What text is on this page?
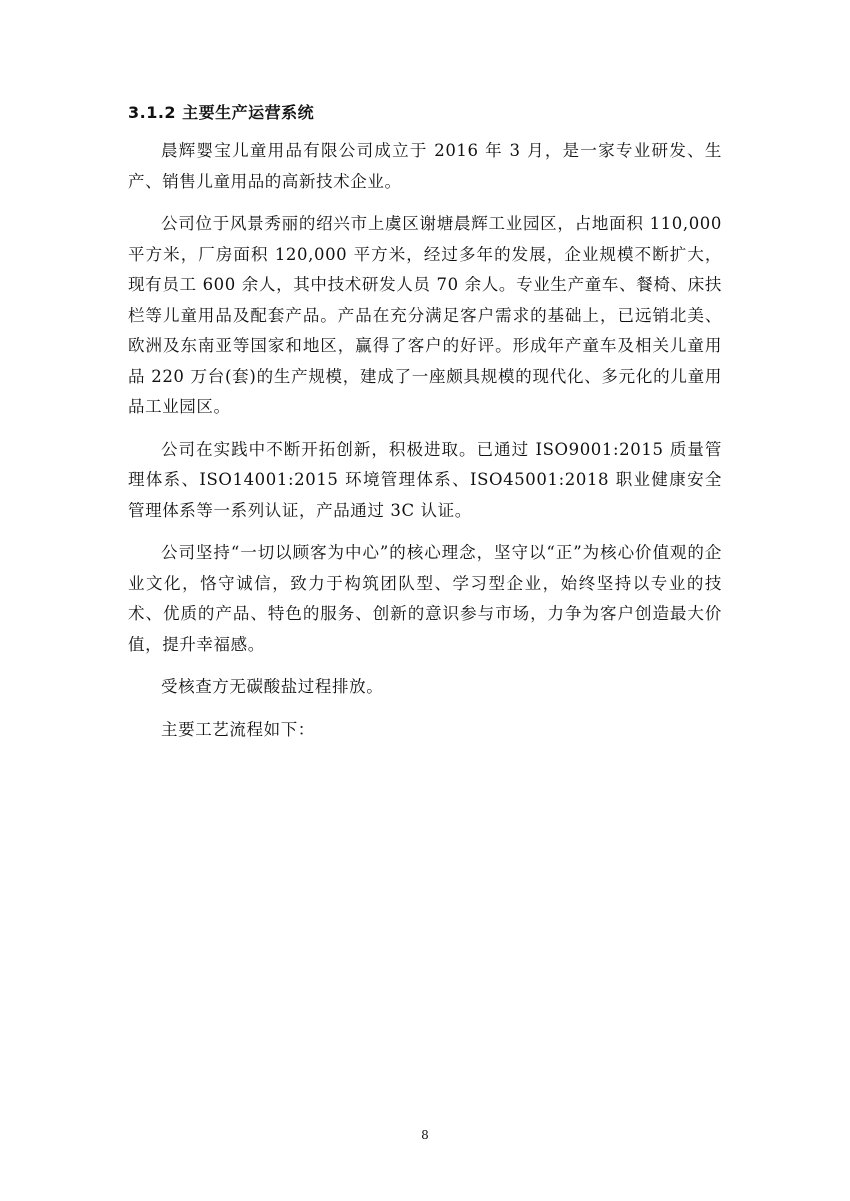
3.1.2 主要生产运营系统

晨辉婴宝儿童用品有限公司成立于 2016 年 3 月，是一家专业研发、生产、销售儿童用品的高新技术企业。

公司位于风景秀丽的绍兴市上虞区谢塘晨辉工业园区，占地面积 110,000 平方米，厂房面积 120,000 平方米，经过多年的发展，企业规模不断扩大，现有员工 600 余人，其中技术研发人员 70 余人。专业生产童车、餐椅、床扶栏等儿童用品及配套产品。产品在充分满足客户需求的基础上，已远销北美、欧洲及东南亚等国家和地区，赢得了客户的好评。形成年产童车及相关儿童用品 220 万台(套)的生产规模，建成了一座颇具规模的现代化、多元化的儿童用品工业园区。

公司在实践中不断开拓创新，积极进取。已通过 ISO9001:2015 质量管理体系、ISO14001:2015 环境管理体系、ISO45001:2018 职业健康安全管理体系等一系列认证，产品通过 3C 认证。

公司坚持“一切以顾客为中心”的核心理念，坚守以“正”为核心价值观的企业文化，恪守诚信，致力于构筑团队型、学习型企业，始终坚持以专业的技术、优质的产品、特色的服务、创新的意识参与市场，力争为客户创造最大价值，提升幸福感。

受核查方无碳酸盐过程排放。

主要工艺流程如下：

8
